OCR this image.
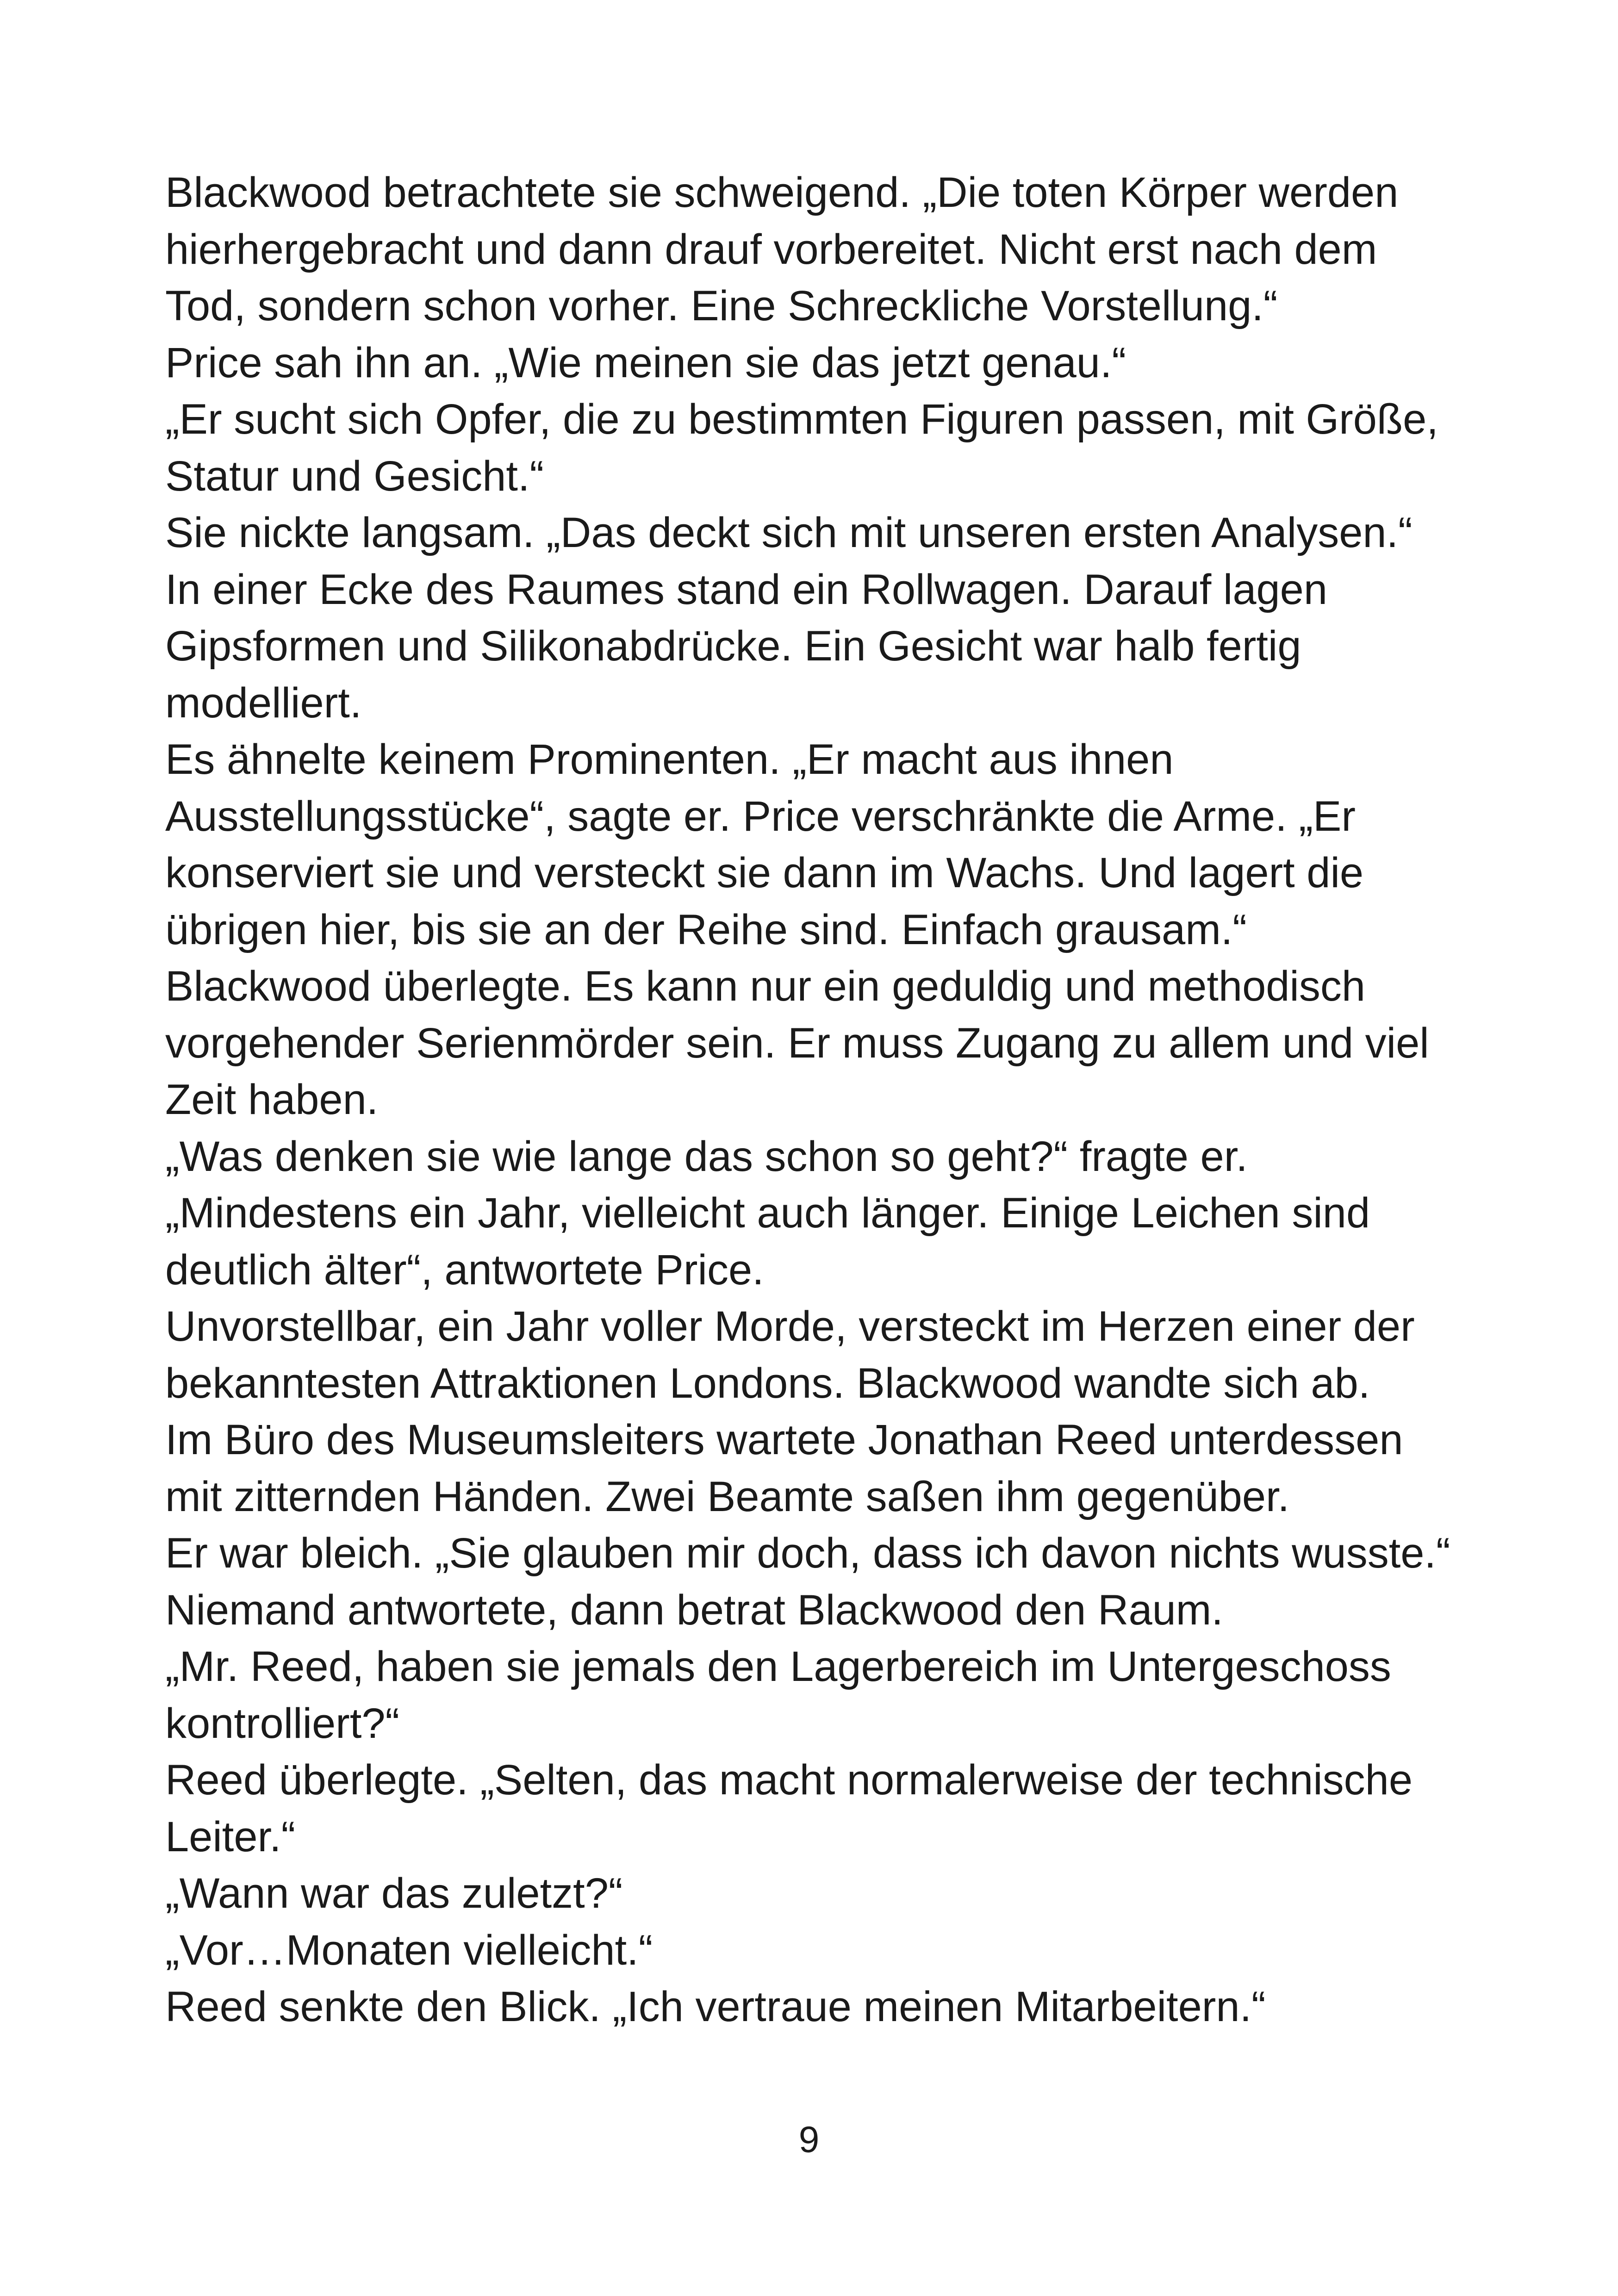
Blackwood betrachtete sie schweigend. „Die toten Körper werden
hierhergebracht und dann drauf vorbereitet. Nicht erst nach dem
Tod, sondern schon vorher. Eine Schreckliche Vorstellung.“
Price sah ihn an. „Wie meinen sie das jetzt genau.“
„Er sucht sich Opfer, die zu bestimmten Figuren passen, mit Größe,
Statur und Gesicht.“
Sie nickte langsam. „Das deckt sich mit unseren ersten Analysen.“
In einer Ecke des Raumes stand ein Rollwagen. Darauf lagen
Gipsformen und Silikonabdrücke. Ein Gesicht war halb fertig
modelliert.
Es ähnelte keinem Prominenten. „Er macht aus ihnen
Ausstellungsstücke“, sagte er. Price verschränkte die Arme. „Er
konserviert sie und versteckt sie dann im Wachs. Und lagert die
übrigen hier, bis sie an der Reihe sind. Einfach grausam.“
Blackwood überlegte. Es kann nur ein geduldig und methodisch
vorgehender Serienmörder sein. Er muss Zugang zu allem und viel
Zeit haben.
„Was denken sie wie lange das schon so geht?“ fragte er.
„Mindestens ein Jahr, vielleicht auch länger. Einige Leichen sind
deutlich älter“, antwortete Price.
Unvorstellbar, ein Jahr voller Morde, versteckt im Herzen einer der
bekanntesten Attraktionen Londons. Blackwood wandte sich ab.
Im Büro des Museumsleiters wartete Jonathan Reed unterdessen
mit zitternden Händen. Zwei Beamte saßen ihm gegenüber.
Er war bleich. „Sie glauben mir doch, dass ich davon nichts wusste.“
Niemand antwortete, dann betrat Blackwood den Raum.
„Mr. Reed, haben sie jemals den Lagerbereich im Untergeschoss
kontrolliert?“
Reed überlegte. „Selten, das macht normalerweise der technische
Leiter.“
„Wann war das zuletzt?“
„Vor…Monaten vielleicht.“
Reed senkte den Blick. „Ich vertraue meinen Mitarbeitern.“
9
